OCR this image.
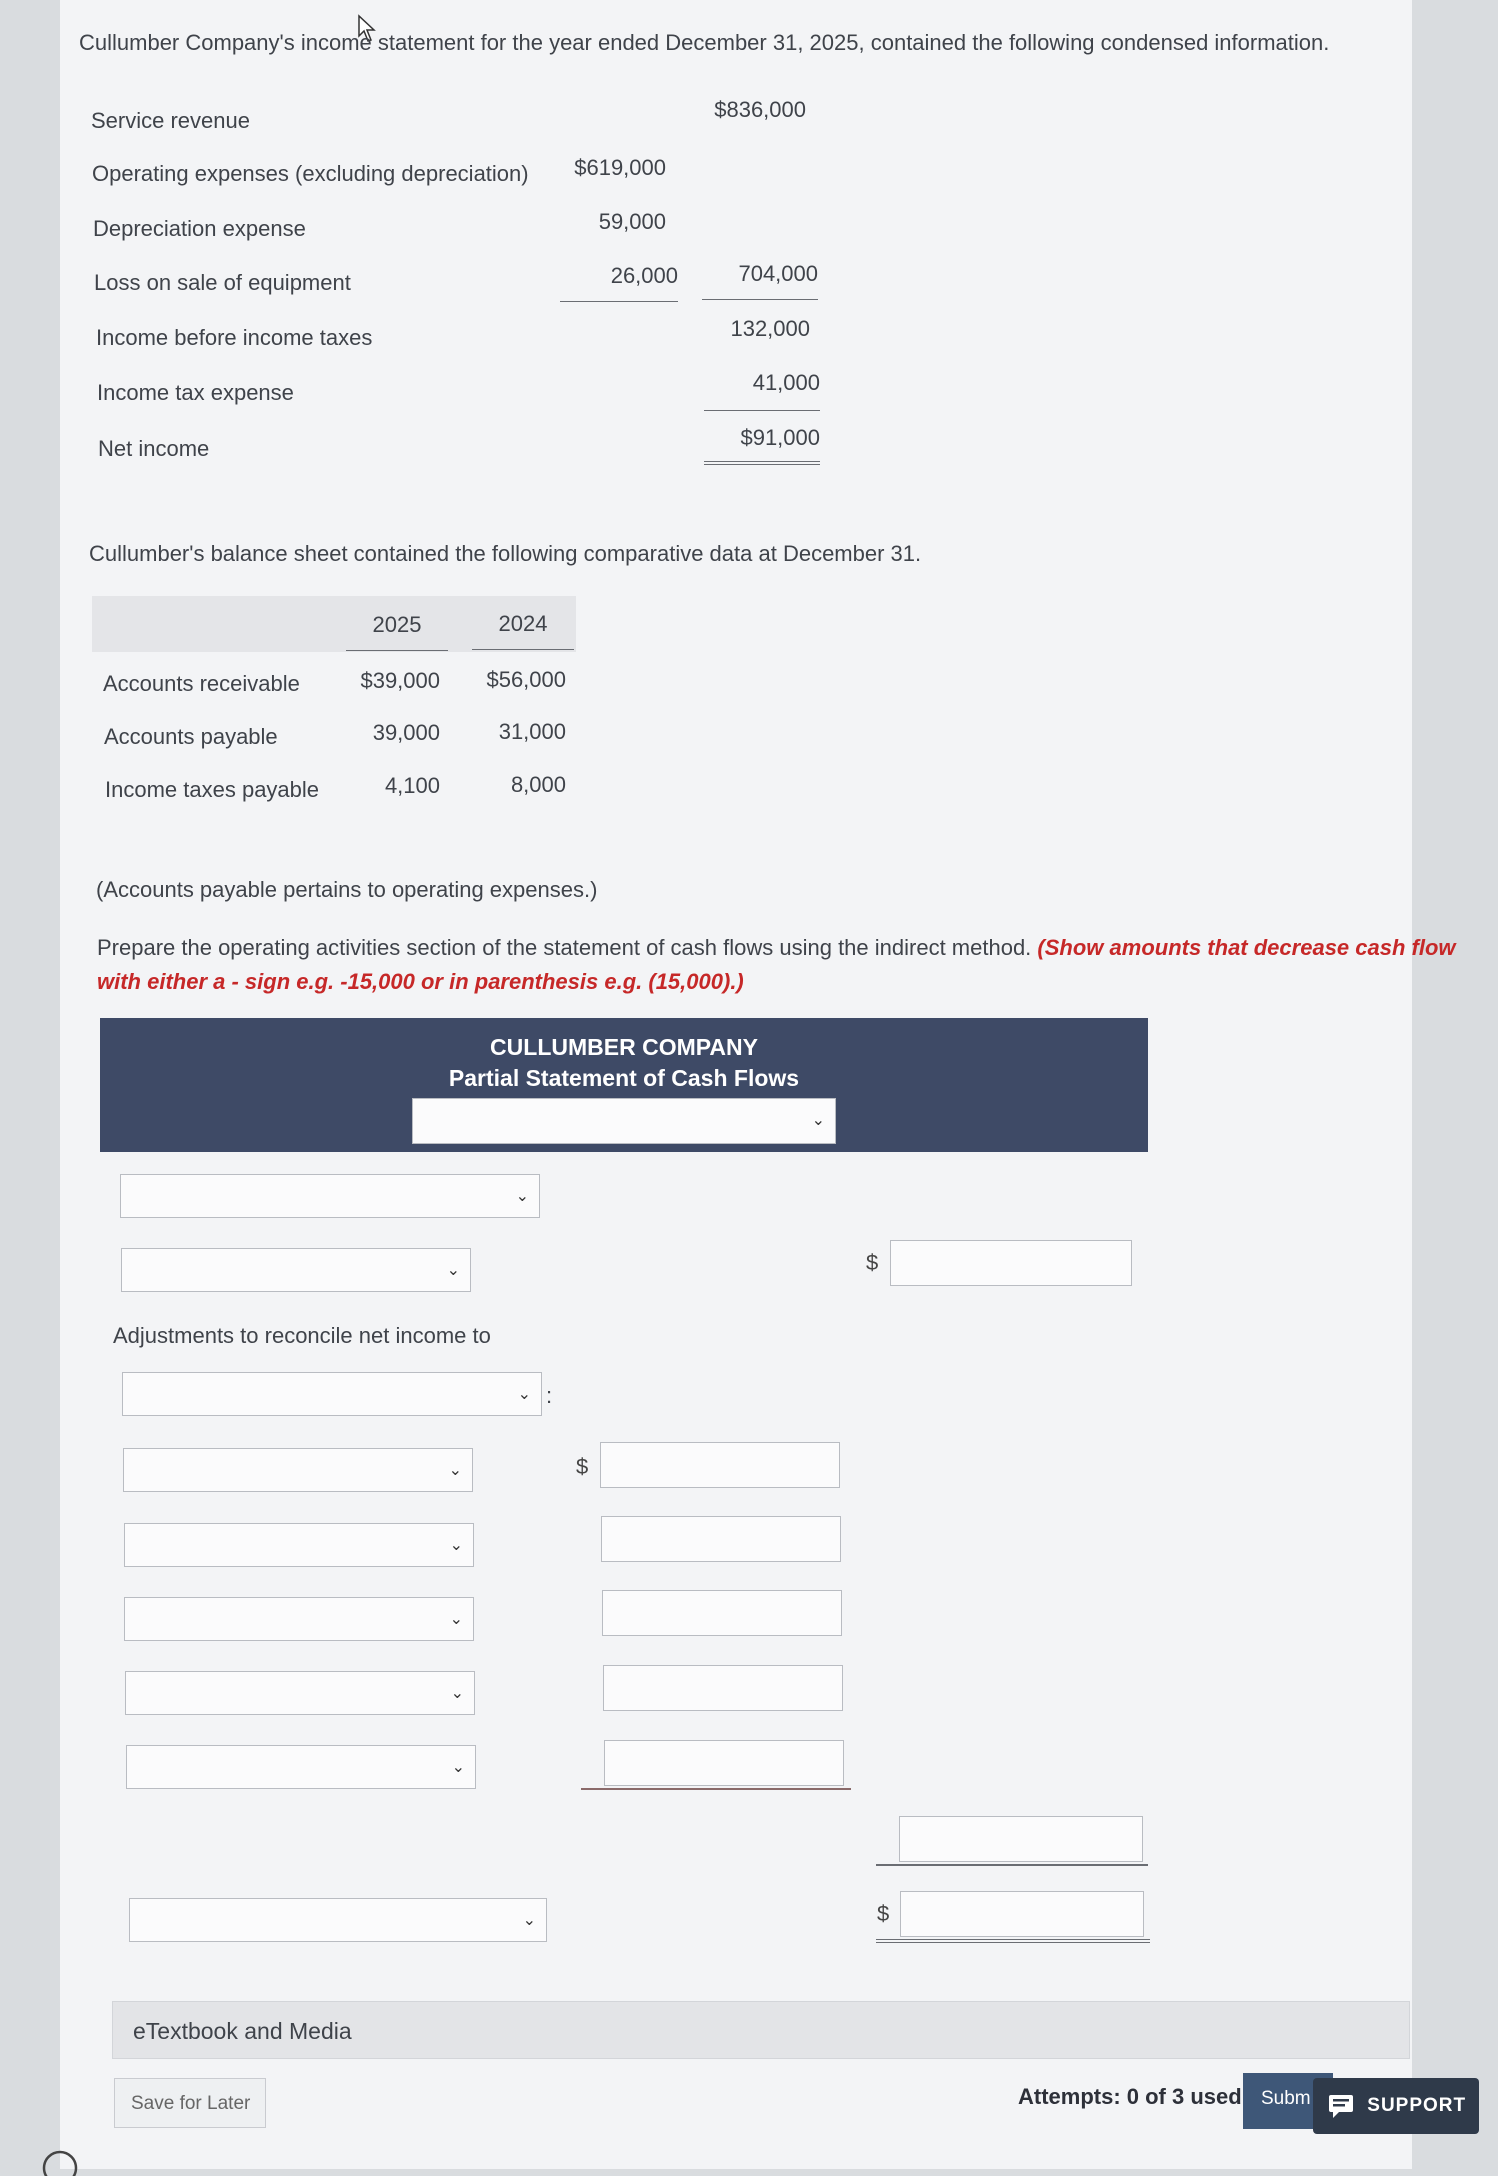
Cullumber Company's income statement for the year ended December 31, 2025, contained the following condensed information.
Service revenue	$836,000
Operating expenses (excluding depreciation)	$619,000
Depreciation expense	59,000
Loss on sale of equipment	26,000	704,000
Income before income taxes	132,000
Income tax expense	41,000
Net income	$91,000
Cullumber's balance sheet contained the following comparative data at December 31.
2025	2024
Accounts receivable	$39,000	$56,000
Accounts payable	39,000	31,000
Income taxes payable	4,100	8,000
(Accounts payable pertains to operating expenses.)
Prepare the operating activities section of the statement of cash flows using the indirect method. (Show amounts that decrease cash flow
with either a - sign e.g. -15,000 or in parenthesis e.g. (15,000).)
CULLUMBER COMPANY
Partial Statement of Cash Flows
⌄
⌄
⌄	$
Adjustments to reconcile net income to
⌄ :
⌄	$
⌄
⌄
⌄
⌄
⌄	$
eTextbook and Media
Save for Later	Attempts: 0 of 3 used	Subm	SUPPORT
